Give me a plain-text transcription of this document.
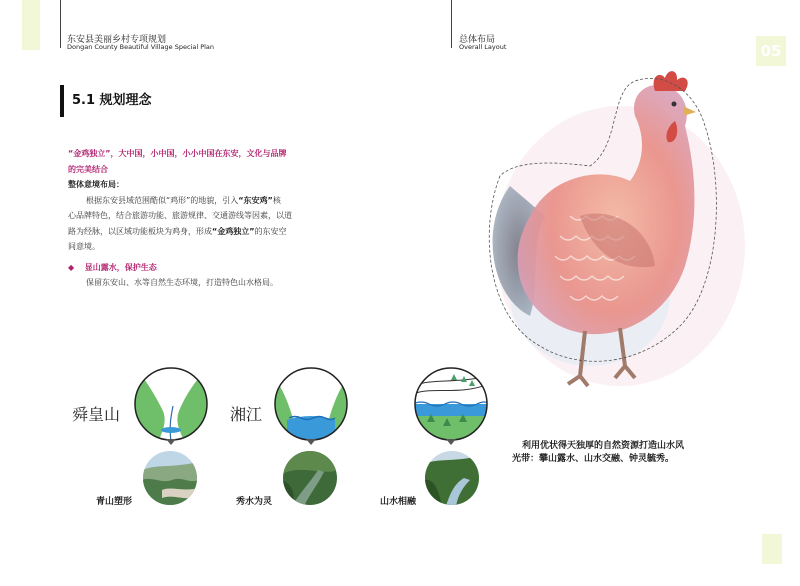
东安县美丽乡村专项规划
Dongan County Beautiful Village Special Plan
总体布局
Overall Layout	05
5.1 规划理念
“金鸡独立”，大中国，小中国，小小中国在东安，文化与品牌
的完美结合
整体意境布局：
根据东安县域范围酷似“鸡形”的地貌，引入“东安鸡”核
心品牌特色，结合旅游功能、旅游规律、交通游线等因素，以道
路为经脉，以区域功能板块为鸡身，形成“金鸡独立”的东安空
间意境。
◆ 显山露水，保护生态
保留东安山、水等自然生态环境，打造特色山水格局。
舜皇山	湘江
青山塑形	秀水为灵	山水相融
利用优状得天独厚的自然资源打造山水风
光带：攀山露水、山水交融、钟灵毓秀。
